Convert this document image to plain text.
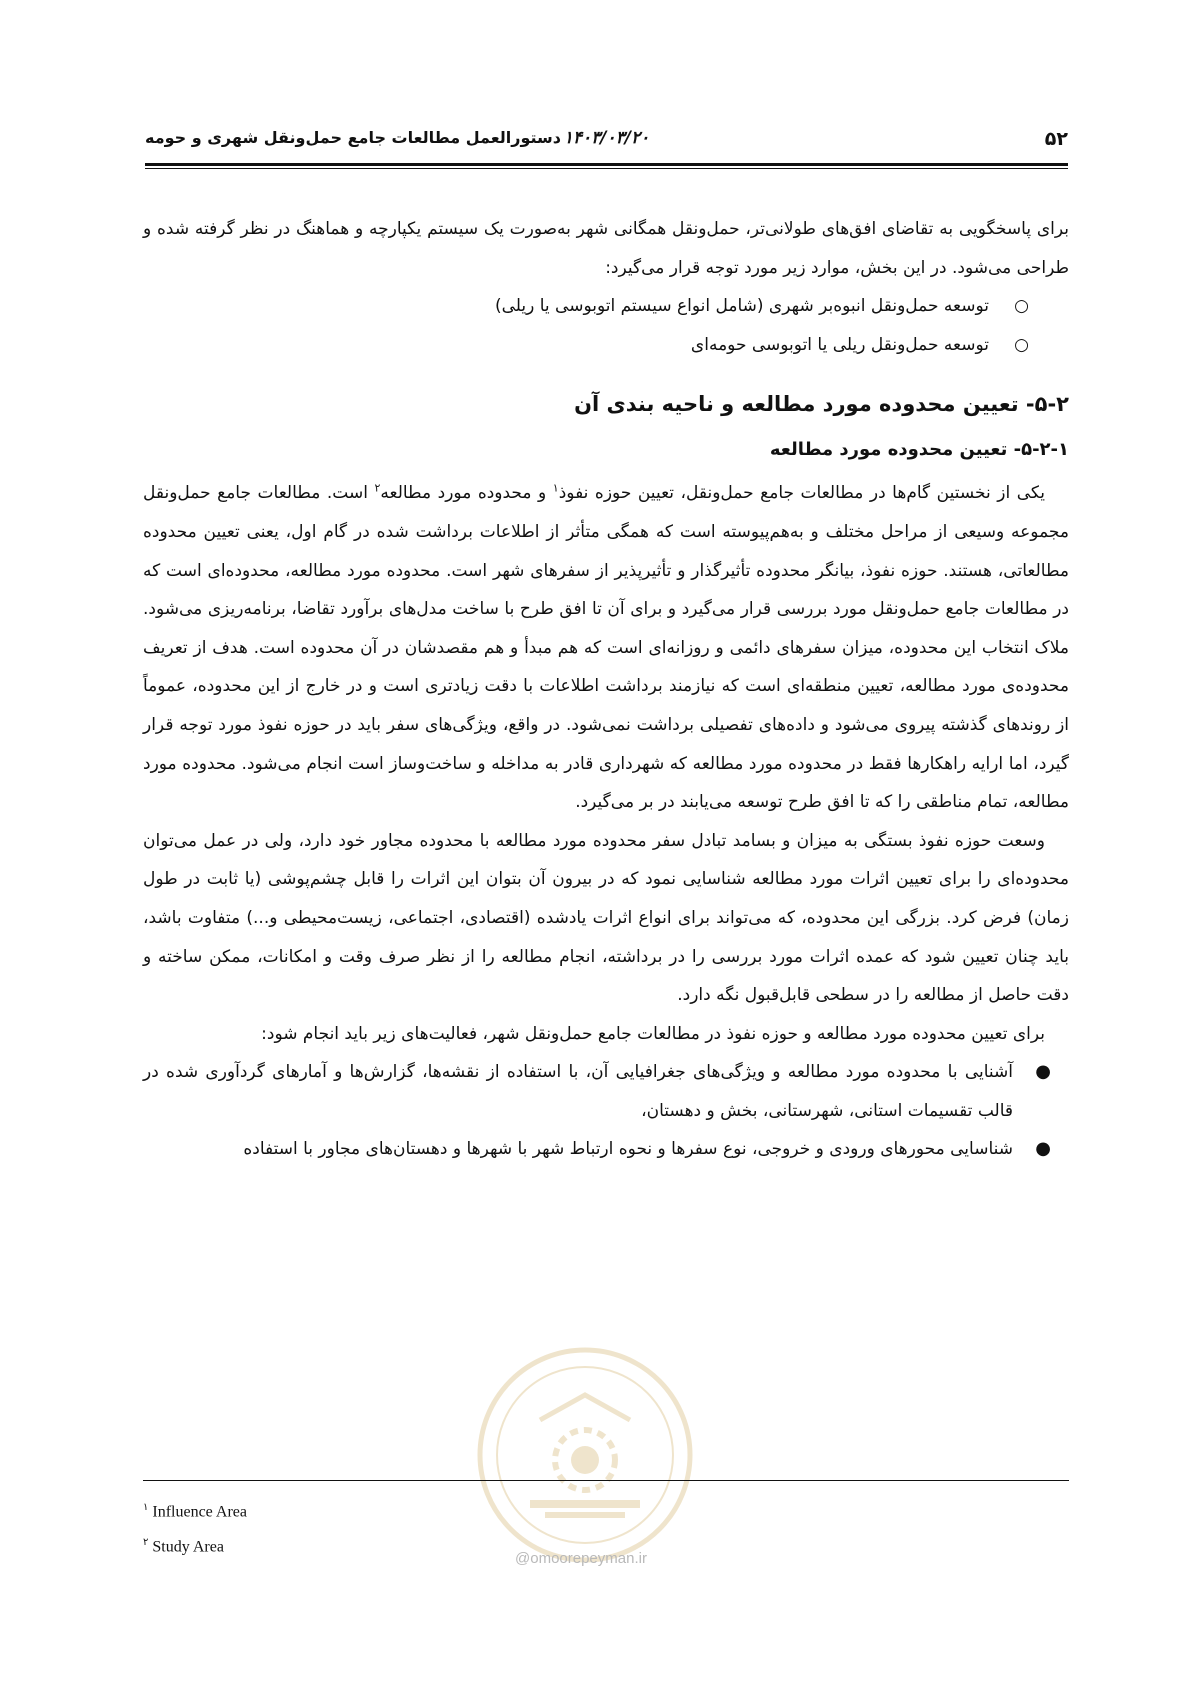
۵۲
۱۴۰۳/۰۳/۲۰
دستورالعمل مطالعات جامع حمل‌ونقل شهری و حومه

برای پاسخگویی به تقاضای افق‌های طولانی‌تر، حمل‌ونقل همگانی شهر به‌صورت یک سیستم یکپارچه و هماهنگ در نظر گرفته شده و طراحی می‌شود. در این بخش، موارد زیر مورد توجه قرار می‌گیرد:

○
توسعه حمل‌ونقل انبوه‌بر شهری (شامل انواع سیستم اتوبوسی یا ریلی)
○
توسعه حمل‌ونقل ریلی یا اتوبوسی حومه‌ای
۵-۲- تعیین محدوده مورد مطالعه و ناحیه بندی آن
۵-۲-۱- تعیین محدوده مورد مطالعه

یکی از نخستین گام‌ها در مطالعات جامع حمل‌ونقل، تعیین حوزه نفوذ$^۱$ و محدوده مورد مطالعه$^۲$ است. مطالعات جامع حمل‌ونقل مجموعه وسیعی از مراحل مختلف و به‌هم‌پیوسته است که همگی متأثر از اطلاعات برداشت شده در گام اول، یعنی تعیین محدوده مطالعاتی، هستند. حوزه نفوذ، بیانگر محدوده تأثیرگذار و تأثیرپذیر از سفرهای شهر است. محدوده مورد مطالعه، محدوده‌ای است که در مطالعات جامع حمل‌ونقل مورد بررسی قرار می‌گیرد و برای آن تا افق طرح با ساخت مدل‌های برآورد تقاضا، برنامه‌ریزی می‌شود. ملاک انتخاب این محدوده، میزان سفرهای دائمی و روزانه‌ای است که هم مبدأ و هم مقصدشان در آن محدوده است. هدف از تعریف محدوده‌ی مورد مطالعه، تعیین منطقه‌ای است که نیازمند برداشت اطلاعات با دقت زیادتری است و در خارج از این محدوده، عموماً از روندهای گذشته پیروی می‌شود و داده‌های تفصیلی برداشت نمی‌شود. در واقع، ویژگی‌های سفر باید در حوزه نفوذ مورد توجه قرار گیرد، اما ارایه راهکارها فقط در محدوده مورد مطالعه که شهرداری قادر به مداخله و ساخت‌وساز است انجام می‌شود. محدوده مورد مطالعه، تمام مناطقی را که تا افق طرح توسعه می‌یابند در بر می‌گیرد.

وسعت حوزه نفوذ بستگی به میزان و بسامد تبادل سفر محدوده مورد مطالعه با محدوده مجاور خود دارد، ولی در عمل می‌توان محدوده‌ای را برای تعیین اثرات مورد مطالعه شناسایی نمود که در بیرون آن بتوان این اثرات را قابل چشم‌پوشی (یا ثابت در طول زمان) فرض کرد. بزرگی این محدوده، که می‌تواند برای انواع اثرات یادشده (اقتصادی، اجتماعی، زیست‌محیطی و...) متفاوت باشد، باید چنان تعیین شود که عمده اثرات مورد بررسی را در برداشته، انجام مطالعه را از نظر صرف وقت و امکانات، ممکن ساخته و دقت حاصل از مطالعه را در سطحی قابل‌قبول نگه دارد.

برای تعیین محدوده مورد مطالعه و حوزه نفوذ در مطالعات جامع حمل‌ونقل شهر، فعالیت‌های زیر باید انجام شود:

●
آشنایی با محدوده مورد مطالعه و ویژگی‌های جغرافیایی آن، با استفاده از نقشه‌ها، گزارش‌ها و آمارهای گردآوری شده در قالب تقسیمات استانی، شهرستانی، بخش و دهستان،
●
شناسایی محورهای ورودی و خروجی، نوع سفرها و نحوه ارتباط شهر با شهرها و دهستان‌های مجاور با استفاده
@omoorepeyman.ir
$^۱$ Influence Area
$^۲$ Study Area
